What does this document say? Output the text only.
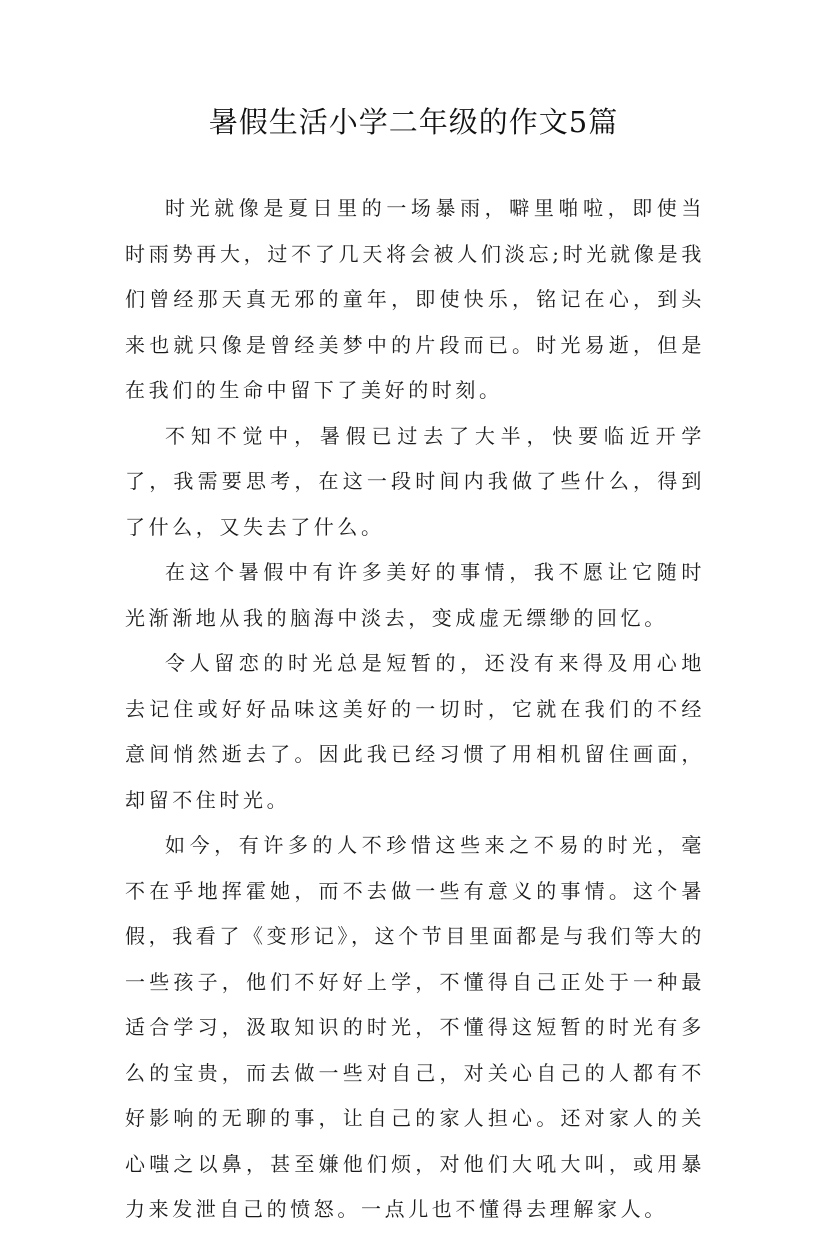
暑假生活小学二年级的作文5篇

时光就像是夏日里的一场暴雨，噼里啪啦，即使当时雨势再大，过不了几天将会被人们淡忘;时光就像是我们曾经那天真无邪的童年，即使快乐，铭记在心，到头来也就只像是曾经美梦中的片段而已。时光易逝，但是在我们的生命中留下了美好的时刻。

不知不觉中，暑假已过去了大半，快要临近开学了，我需要思考，在这一段时间内我做了些什么，得到了什么，又失去了什么。

在这个暑假中有许多美好的事情，我不愿让它随时光渐渐地从我的脑海中淡去，变成虚无缥缈的回忆。

令人留恋的时光总是短暂的，还没有来得及用心地去记住或好好品味这美好的一切时，它就在我们的不经意间悄然逝去了。因此我已经习惯了用相机留住画面，却留不住时光。

如今，有许多的人不珍惜这些来之不易的时光，毫不在乎地挥霍她，而不去做一些有意义的事情。这个暑假，我看了《变形记》，这个节目里面都是与我们等大的一些孩子，他们不好好上学，不懂得自己正处于一种最适合学习，汲取知识的时光，不懂得这短暂的时光有多么的宝贵，而去做一些对自己，对关心自己的人都有不好影响的无聊的事，让自己的家人担心。还对家人的关心嗤之以鼻，甚至嫌他们烦，对他们大吼大叫，或用暴力来发泄自己的愤怒。一点儿也不懂得去理解家人。
